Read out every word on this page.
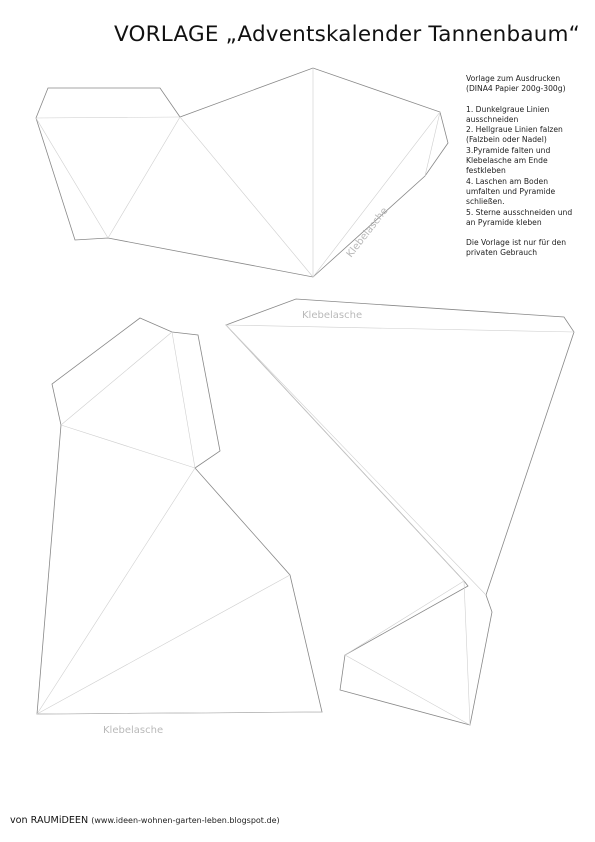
VORLAGE „Adventskalender Tannenbaum“

Vorlage zum Ausdrucken
(DINA4 Papier 200g-300g)

1. Dunkelgraue Linien
ausschneiden
2. Hellgraue Linien falzen
(Falzbein oder Nadel)
3.Pyramide falten und
Klebelasche am Ende
festkleben
4. Laschen am Boden
umfalten und Pyramide
schließen.
5. Sterne ausschneiden und
an Pyramide kleben

Die Vorlage ist nur für den
privaten Gebrauch

Klebelasche
Klebelasche
Klebelasche
von RAUMiDEEN (www.ideen-wohnen-garten-leben.blogspot.de)
